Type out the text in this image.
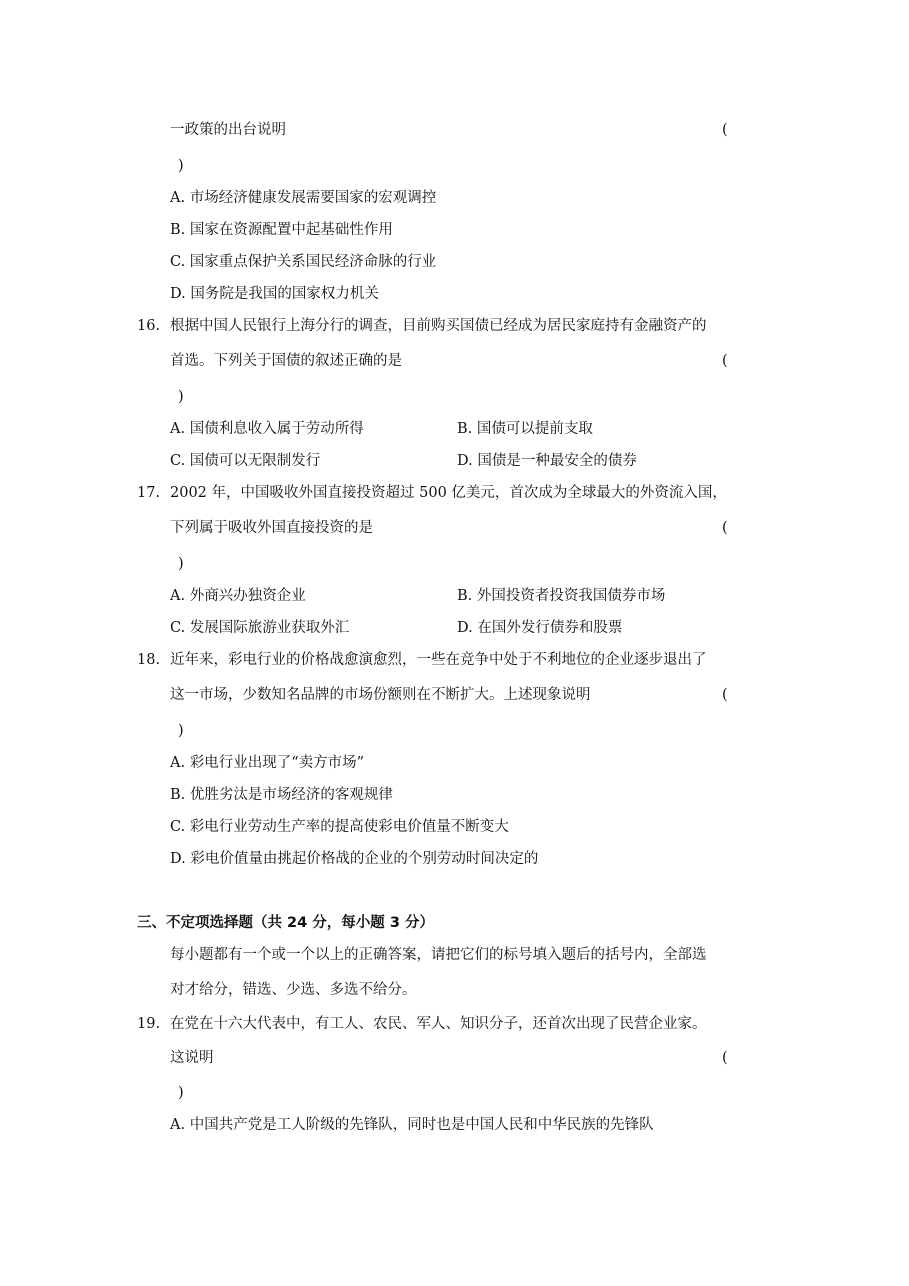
一政策的出台说明	(
)
A. 市场经济健康发展需要国家的宏观调控
B. 国家在资源配置中起基础性作用
C. 国家重点保护关系国民经济命脉的行业
D. 国务院是我国的国家权力机关
16. 根据中国人民银行上海分行的调查，目前购买国债已经成为居民家庭持有金融资产的
首选。下列关于国债的叙述正确的是	(
)
A. 国债利息收入属于劳动所得	B. 国债可以提前支取
C. 国债可以无限制发行	D. 国债是一种最安全的债券
17. 2002 年，中国吸收外国直接投资超过 500 亿美元，首次成为全球最大的外资流入国，
下列属于吸收外国直接投资的是	(
)
A. 外商兴办独资企业	B. 外国投资者投资我国债券市场
C. 发展国际旅游业获取外汇	D. 在国外发行债券和股票
18. 近年来，彩电行业的价格战愈演愈烈，一些在竞争中处于不利地位的企业逐步退出了
这一市场，少数知名品牌的市场份额则在不断扩大。上述现象说明	(
)
A. 彩电行业出现了“卖方市场”
B. 优胜劣汰是市场经济的客观规律
C. 彩电行业劳动生产率的提高使彩电价值量不断变大
D. 彩电价值量由挑起价格战的企业的个别劳动时间决定的
三、不定项选择题（共 24 分，每小题 3 分）
每小题都有一个或一个以上的正确答案，请把它们的标号填入题后的括号内，全部选
对才给分，错选、少选、多选不给分。
19. 在党在十六大代表中，有工人、农民、军人、知识分子，还首次出现了民营企业家。
这说明	(
)
A. 中国共产党是工人阶级的先锋队，同时也是中国人民和中华民族的先锋队
